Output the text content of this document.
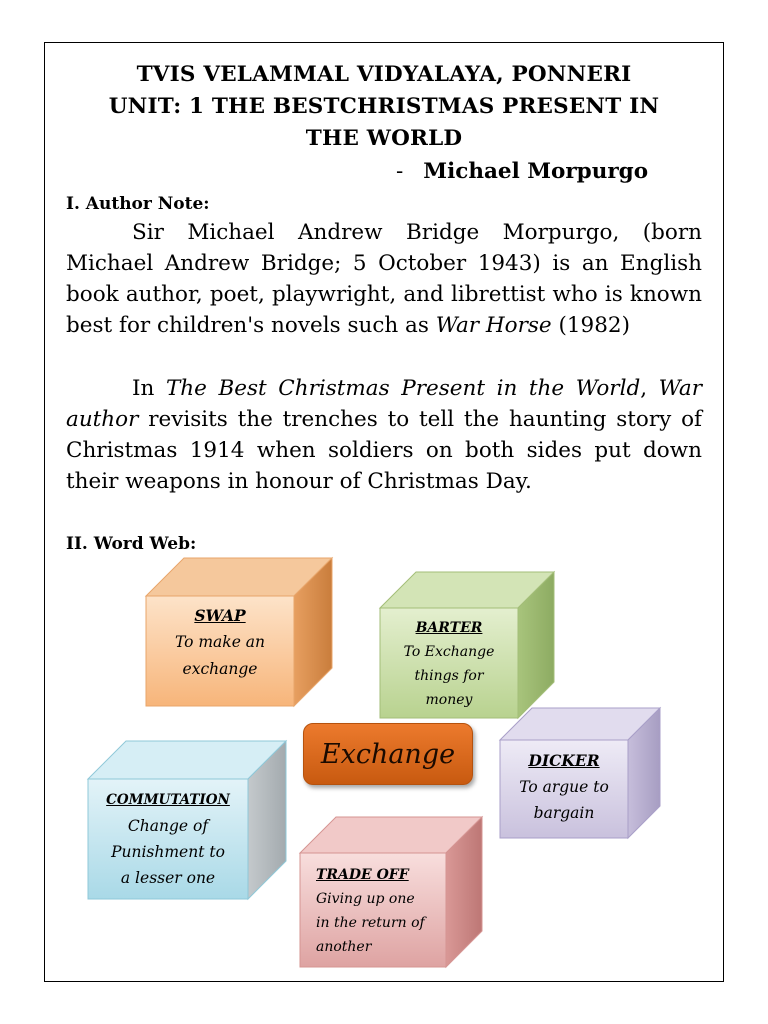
TVIS VELAMMAL VIDYALAYA, PONNERI
UNIT: 1 THE BESTCHRISTMAS PRESENT IN
THE WORLD
- Michael Morpurgo
I. Author Note:
Sir Michael Andrew Bridge Morpurgo, (born Michael Andrew Bridge; 5 October 1943) is an English book author, poet, playwright, and librettist who is known best for children's novels such as War Horse (1982)
In The Best Christmas Present in the World, War author revisits the trenches to tell the haunting story of Christmas 1914 when soldiers on both sides put down their weapons in honour of Christmas Day.
II. Word Web:
SWAP
To make an
exchange
BARTER
To Exchange
things for
money
DICKER
To argue to
bargain
COMMUTATION
Change of
Punishment to
a lesser one	TRADE OFF
Giving up one
in the return of
another
Exchange
